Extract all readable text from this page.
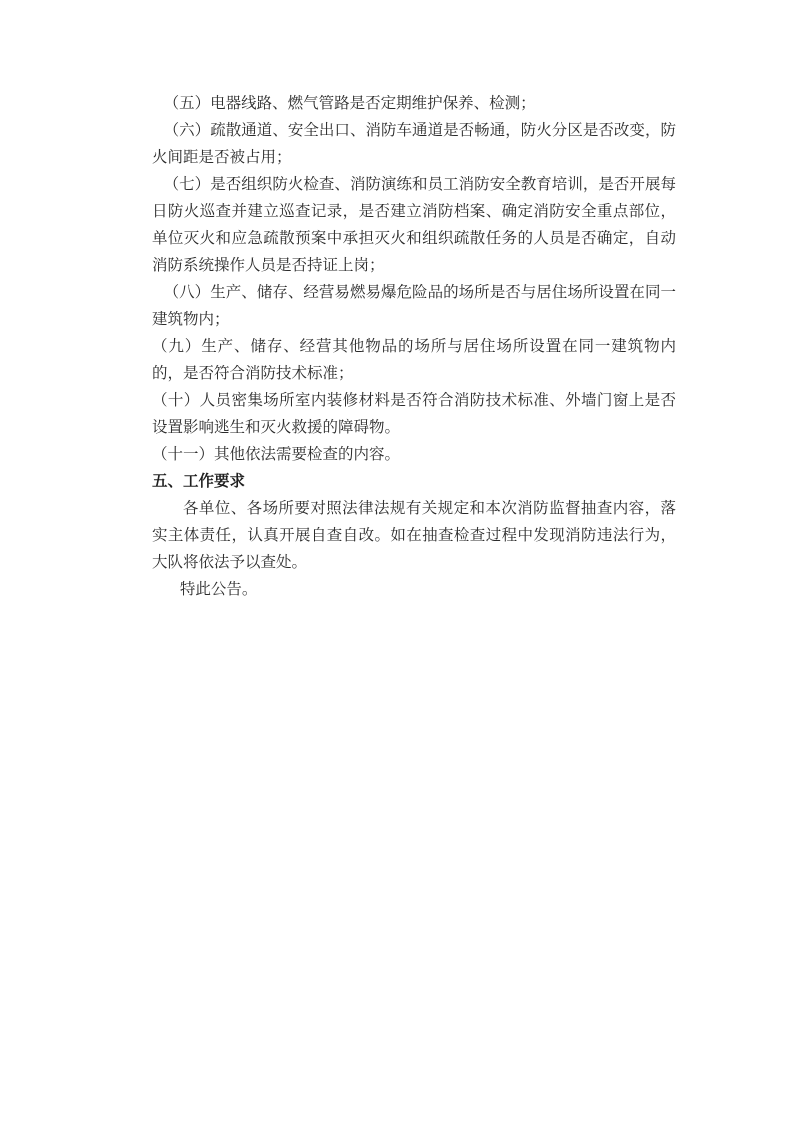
（五）电器线路、燃气管路是否定期维护保养、检测；

（六）疏散通道、安全出口、消防车通道是否畅通，防火分区是否改变，防火间距是否被占用；

（七）是否组织防火检查、消防演练和员工消防安全教育培训，是否开展每日防火巡查并建立巡查记录，是否建立消防档案、确定消防安全重点部位，单位灭火和应急疏散预案中承担灭火和组织疏散任务的人员是否确定，自动消防系统操作人员是否持证上岗；

（八）生产、储存、经营易燃易爆危险品的场所是否与居住场所设置在同一建筑物内；

（九）生产、储存、经营其他物品的场所与居住场所设置在同一建筑物内的，是否符合消防技术标准；

（十）人员密集场所室内装修材料是否符合消防技术标准、外墙门窗上是否设置影响逃生和灭火救援的障碍物。

（十一）其他依法需要检查的内容。

五、工作要求

各单位、各场所要对照法律法规有关规定和本次消防监督抽查内容，落实主体责任，认真开展自查自改。如在抽查检查过程中发现消防违法行为，大队将依法予以查处。

特此公告。
